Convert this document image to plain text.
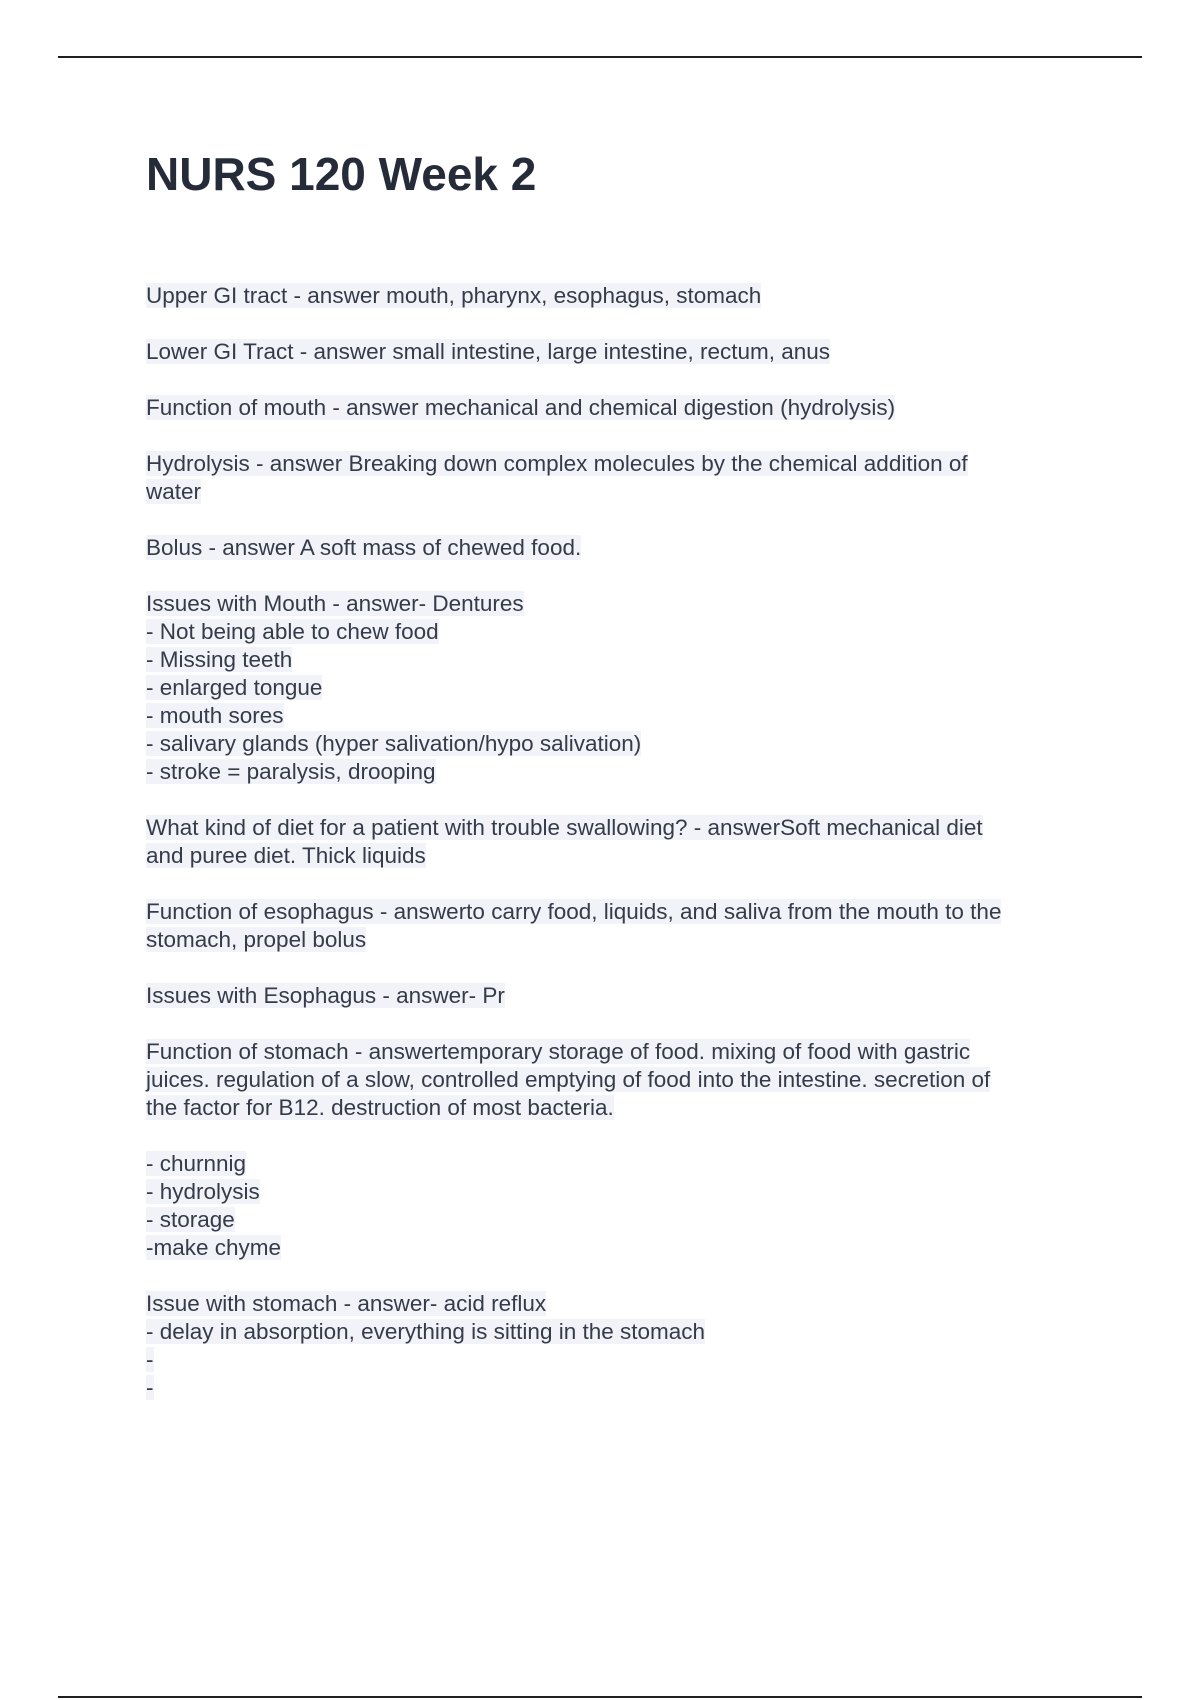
NURS 120 Week 2

Upper GI tract - answer mouth, pharynx, esophagus, stomach

Lower GI Tract - answer small intestine, large intestine, rectum, anus

Function of mouth - answer mechanical and chemical digestion (hydrolysis)

Hydrolysis - answer Breaking down complex molecules by the chemical addition of
water

Bolus - answer A soft mass of chewed food.

Issues with Mouth - answer- Dentures
- Not being able to chew food
- Missing teeth
- enlarged tongue
- mouth sores
- salivary glands (hyper salivation/hypo salivation)
- stroke = paralysis, drooping

What kind of diet for a patient with trouble swallowing? - answerSoft mechanical diet
and puree diet. Thick liquids

Function of esophagus - answerto carry food, liquids, and saliva from the mouth to the
stomach, propel bolus

Issues with Esophagus - answer- Pr

Function of stomach - answertemporary storage of food. mixing of food with gastric
juices. regulation of a slow, controlled emptying of food into the intestine. secretion of
the factor for B12. destruction of most bacteria.

- churnnig
- hydrolysis
- storage
-make chyme

Issue with stomach - answer- acid reflux
- delay in absorption, everything is sitting in the stomach
-
-
